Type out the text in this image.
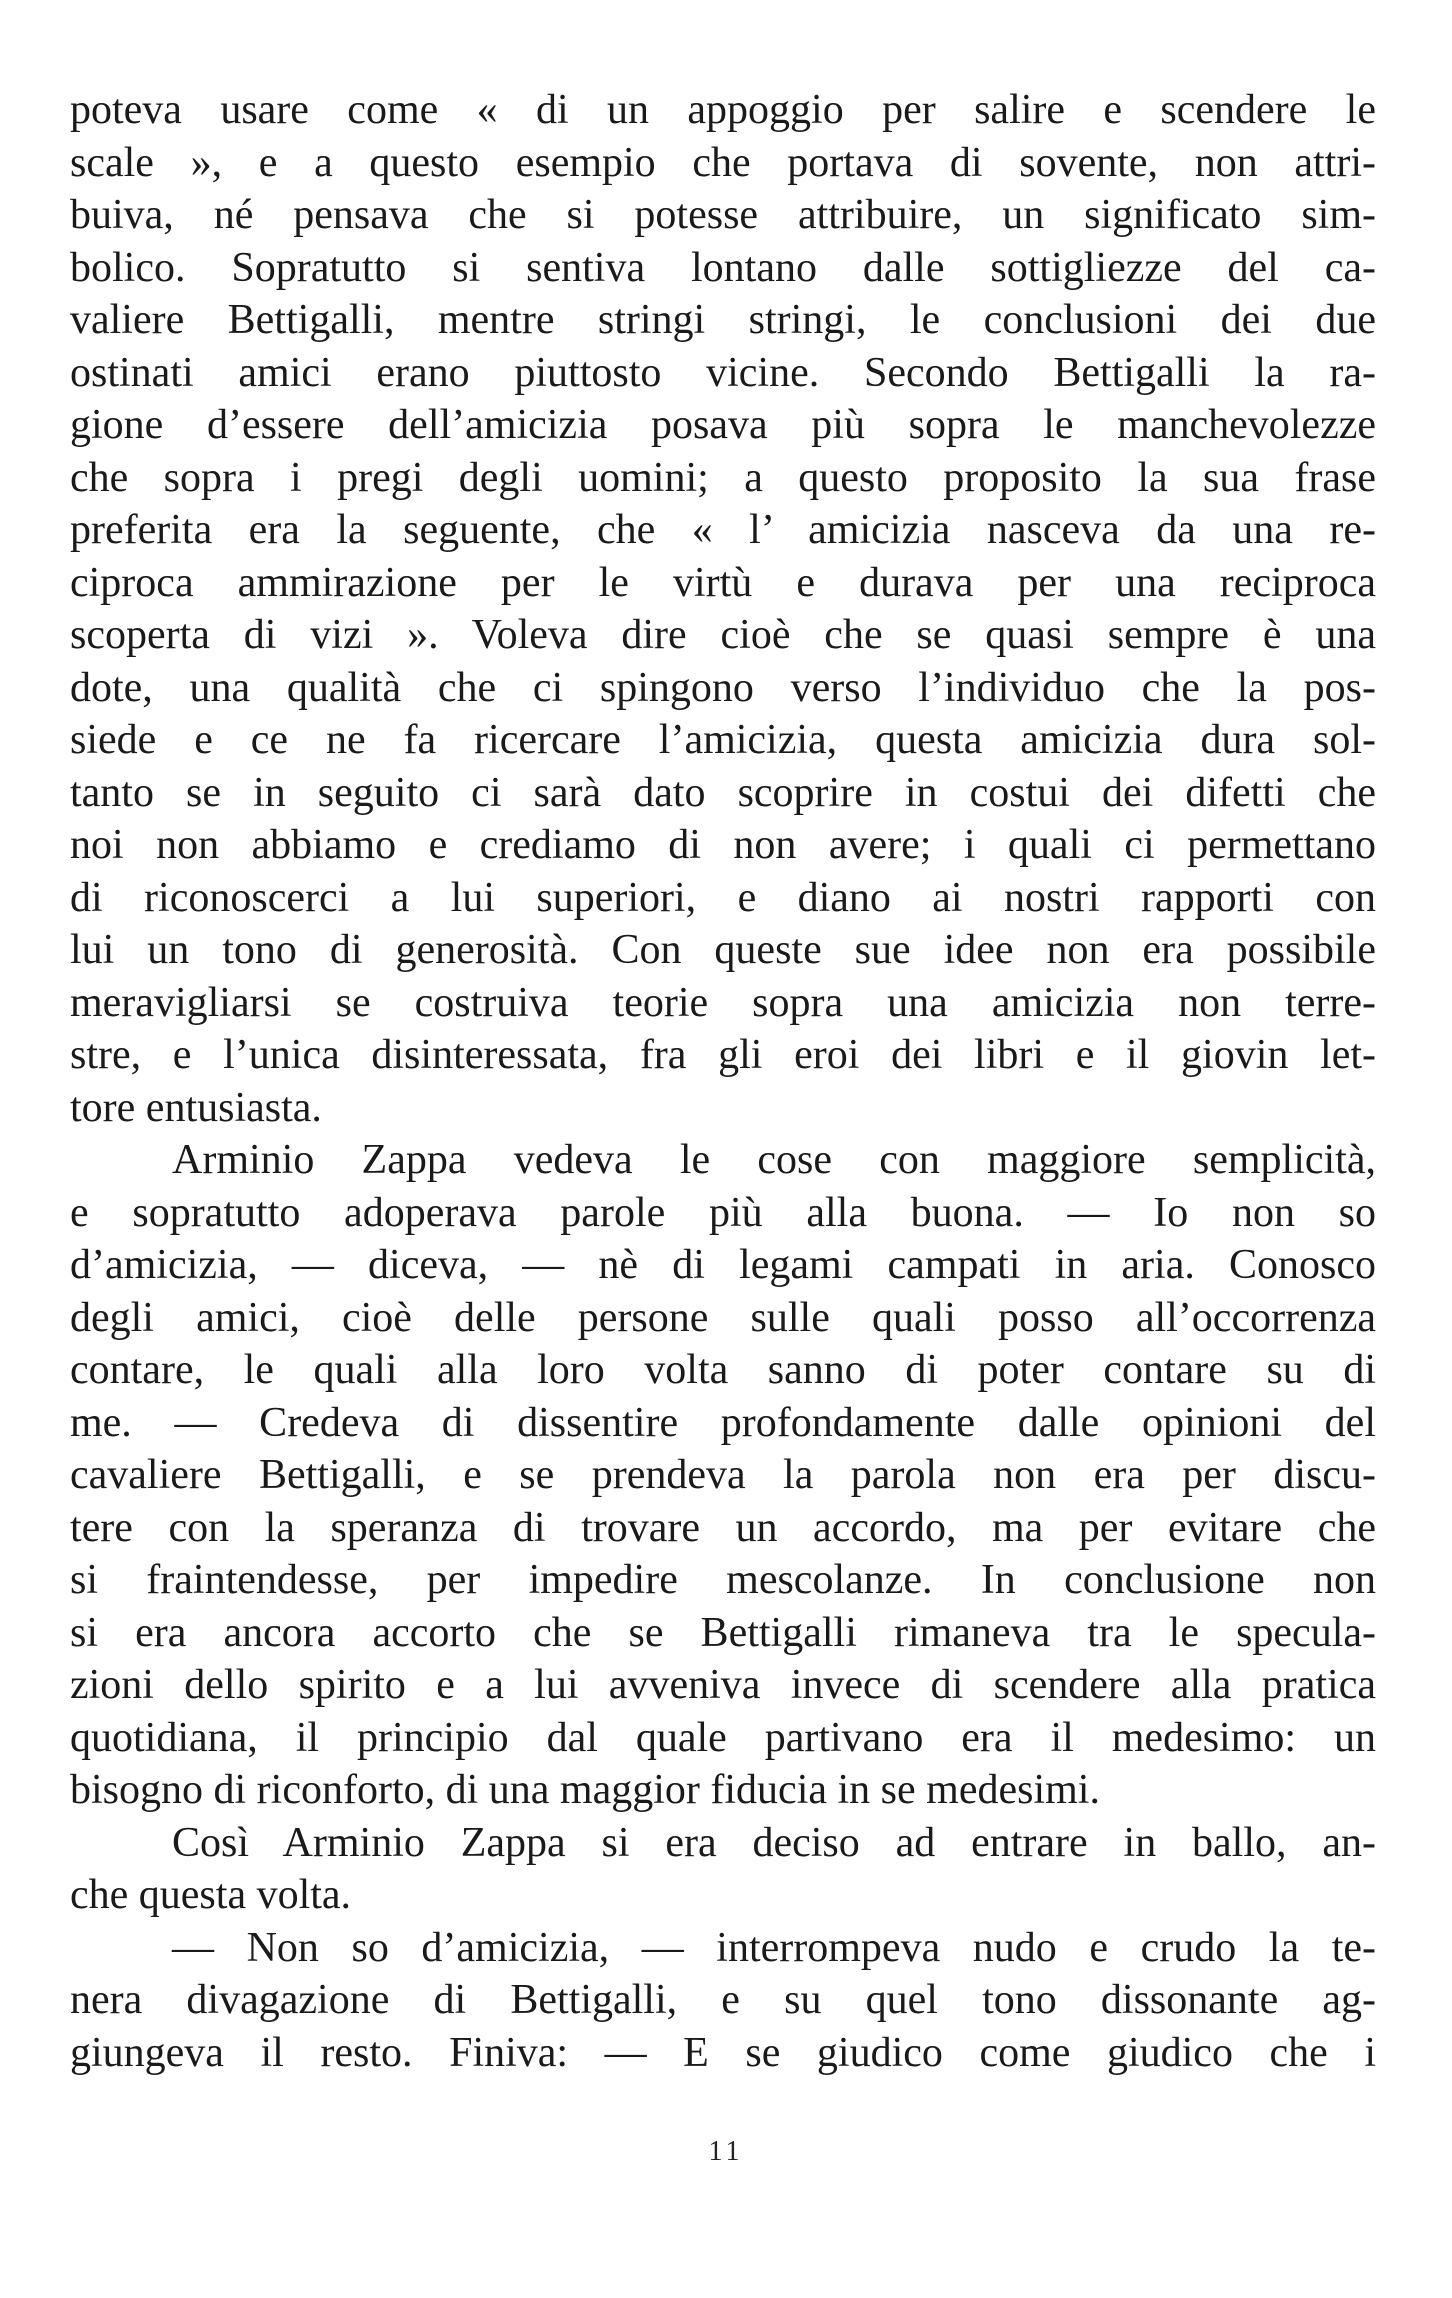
poteva usare come « di un appoggio per salire e scendere le
scale », e a questo esempio che portava di sovente, non attri-
buiva, né pensava che si potesse attribuire, un significato sim-
bolico. Sopratutto si sentiva lontano dalle sottigliezze del ca-
valiere Bettigalli, mentre stringi stringi, le conclusioni dei due
ostinati amici erano piuttosto vicine. Secondo Bettigalli la ra-
gione d’essere dell’amicizia posava più sopra le manchevolezze
che sopra i pregi degli uomini; a questo proposito la sua frase
preferita era la seguente, che « l’ amicizia nasceva da una re-
ciproca ammirazione per le virtù e durava per una reciproca
scoperta di vizi ». Voleva dire cioè che se quasi sempre è una
dote, una qualità che ci spingono verso l’individuo che la pos-
siede e ce ne fa ricercare l’amicizia, questa amicizia dura sol-
tanto se in seguito ci sarà dato scoprire in costui dei difetti che
noi non abbiamo e crediamo di non avere; i quali ci permettano
di riconoscerci a lui superiori, e diano ai nostri rapporti con
lui un tono di generosità. Con queste sue idee non era possibile
meravigliarsi se costruiva teorie sopra una amicizia non terre-
stre, e l’unica disinteressata, fra gli eroi dei libri e il giovin let-
tore entusiasta.
Arminio Zappa vedeva le cose con maggiore semplicità,
e sopratutto adoperava parole più alla buona. — Io non so
d’amicizia, — diceva, — nè di legami campati in aria. Conosco
degli amici, cioè delle persone sulle quali posso all’occorrenza
contare, le quali alla loro volta sanno di poter contare su di
me. — Credeva di dissentire profondamente dalle opinioni del
cavaliere Bettigalli, e se prendeva la parola non era per discu-
tere con la speranza di trovare un accordo, ma per evitare che
si fraintendesse, per impedire mescolanze. In conclusione non
si era ancora accorto che se Bettigalli rimaneva tra le specula-
zioni dello spirito e a lui avveniva invece di scendere alla pratica
quotidiana, il principio dal quale partivano era il medesimo: un
bisogno di riconforto, di una maggior fiducia in se medesimi.
Così Arminio Zappa si era deciso ad entrare in ballo, an-
che questa volta.
— Non so d’amicizia, — interrompeva nudo e crudo la te-
nera divagazione di Bettigalli, e su quel tono dissonante ag-
giungeva il resto. Finiva: — E se giudico come giudico che i
11
